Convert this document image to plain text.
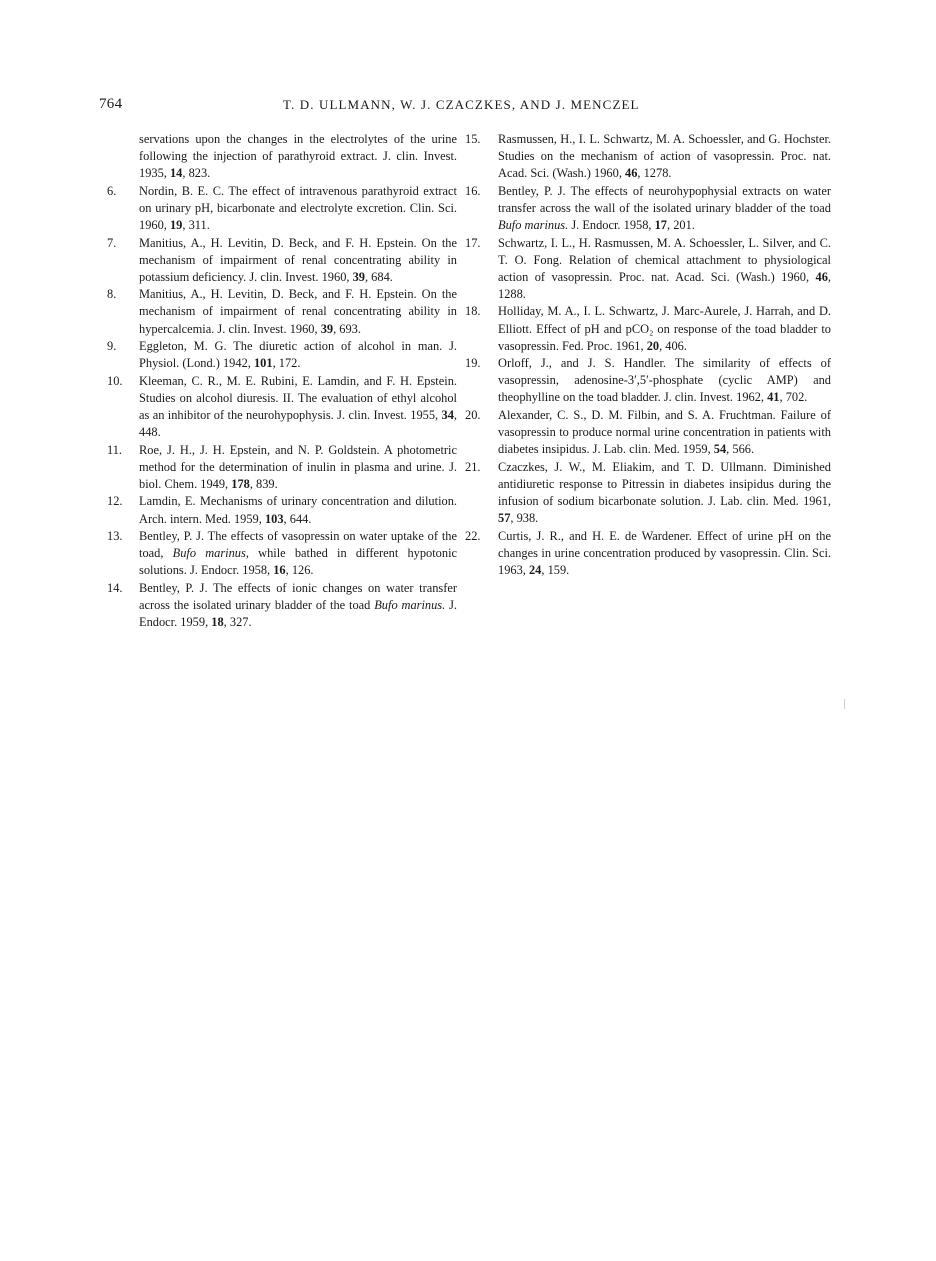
764	T. D. ULLMANN, W. J. CZACZKES, AND J. MENCZEL
servations upon the changes in the electrolytes of the urine following the injection of parathyroid extract. J. clin. Invest. 1935, 14, 823.
6.	Nordin, B. E. C. The effect of intravenous parathyroid extract on urinary pH, bicarbonate and electrolyte excretion. Clin. Sci. 1960, 19, 311.
7.	Manitius, A., H. Levitin, D. Beck, and F. H. Epstein. On the mechanism of impairment of renal concentrating ability in potassium deficiency. J. clin. Invest. 1960, 39, 684.
8.	Manitius, A., H. Levitin, D. Beck, and F. H. Epstein. On the mechanism of impairment of renal concentrating ability in hypercalcemia. J. clin. Invest. 1960, 39, 693.
9.	Eggleton, M. G. The diuretic action of alcohol in man. J. Physiol. (Lond.) 1942, 101, 172.
10.	Kleeman, C. R., M. E. Rubini, E. Lamdin, and F. H. Epstein. Studies on alcohol diuresis. II. The evaluation of ethyl alcohol as an inhibitor of the neurohypophysis. J. clin. Invest. 1955, 34, 448.
11.	Roe, J. H., J. H. Epstein, and N. P. Goldstein. A photometric method for the determination of inulin in plasma and urine. J. biol. Chem. 1949, 178, 839.
12.	Lamdin, E. Mechanisms of urinary concentration and dilution. Arch. intern. Med. 1959, 103, 644.
13.	Bentley, P. J. The effects of vasopressin on water uptake of the toad, Bufo marinus, while bathed in different hypotonic solutions. J. Endocr. 1958, 16, 126.
14.	Bentley, P. J. The effects of ionic changes on water transfer across the isolated urinary bladder of the toad Bufo marinus. J. Endocr. 1959, 18, 327.
15.	Rasmussen, H., I. L. Schwartz, M. A. Schoessler, and G. Hochster. Studies on the mechanism of action of vasopressin. Proc. nat. Acad. Sci. (Wash.) 1960, 46, 1278.
16.	Bentley, P. J. The effects of neurohypophysial extracts on water transfer across the wall of the isolated urinary bladder of the toad Bufo marinus. J. Endocr. 1958, 17, 201.
17.	Schwartz, I. L., H. Rasmussen, M. A. Schoessler, L. Silver, and C. T. O. Fong. Relation of chemical attachment to physiological action of vasopressin. Proc. nat. Acad. Sci. (Wash.) 1960, 46, 1288.
18.	Holliday, M. A., I. L. Schwartz, J. Marc-Aurele, J. Harrah, and D. Elliott. Effect of pH and pCO₂ on response of the toad bladder to vasopressin. Fed. Proc. 1961, 20, 406.
19.	Orloff, J., and J. S. Handler. The similarity of effects of vasopressin, adenosine-3′,5′-phosphate (cyclic AMP) and theophylline on the toad bladder. J. clin. Invest. 1962, 41, 702.
20.	Alexander, C. S., D. M. Filbin, and S. A. Fruchtman. Failure of vasopressin to produce normal urine concentration in patients with diabetes insipidus. J. Lab. clin. Med. 1959, 54, 566.
21.	Czaczkes, J. W., M. Eliakim, and T. D. Ullmann. Diminished antidiuretic response to Pitressin in diabetes insipidus during the infusion of sodium bicarbonate solution. J. Lab. clin. Med. 1961, 57, 938.
22.	Curtis, J. R., and H. E. de Wardener. Effect of urine pH on the changes in urine concentration produced by vasopressin. Clin. Sci. 1963, 24, 159.
